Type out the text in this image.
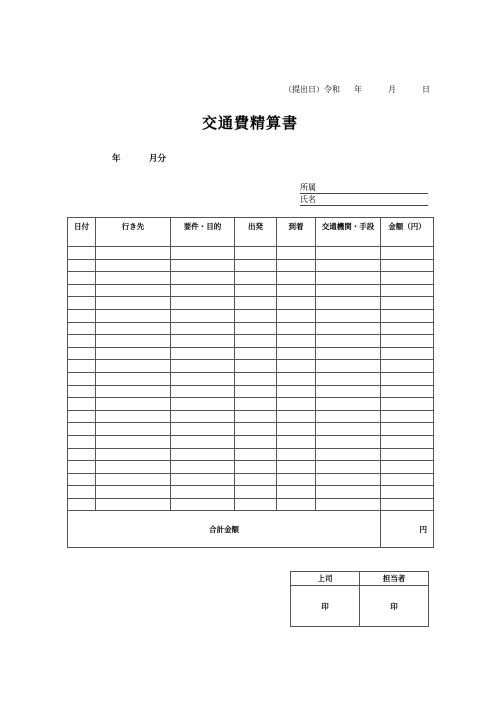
（提出日）令和 年	月	日
交通費精算書
年	月分
所属
氏名
日付	行き先	要件・目的	出発	到着	交通機関・手段	金額（円）

合計金額						円
上司	担当者
印	印
